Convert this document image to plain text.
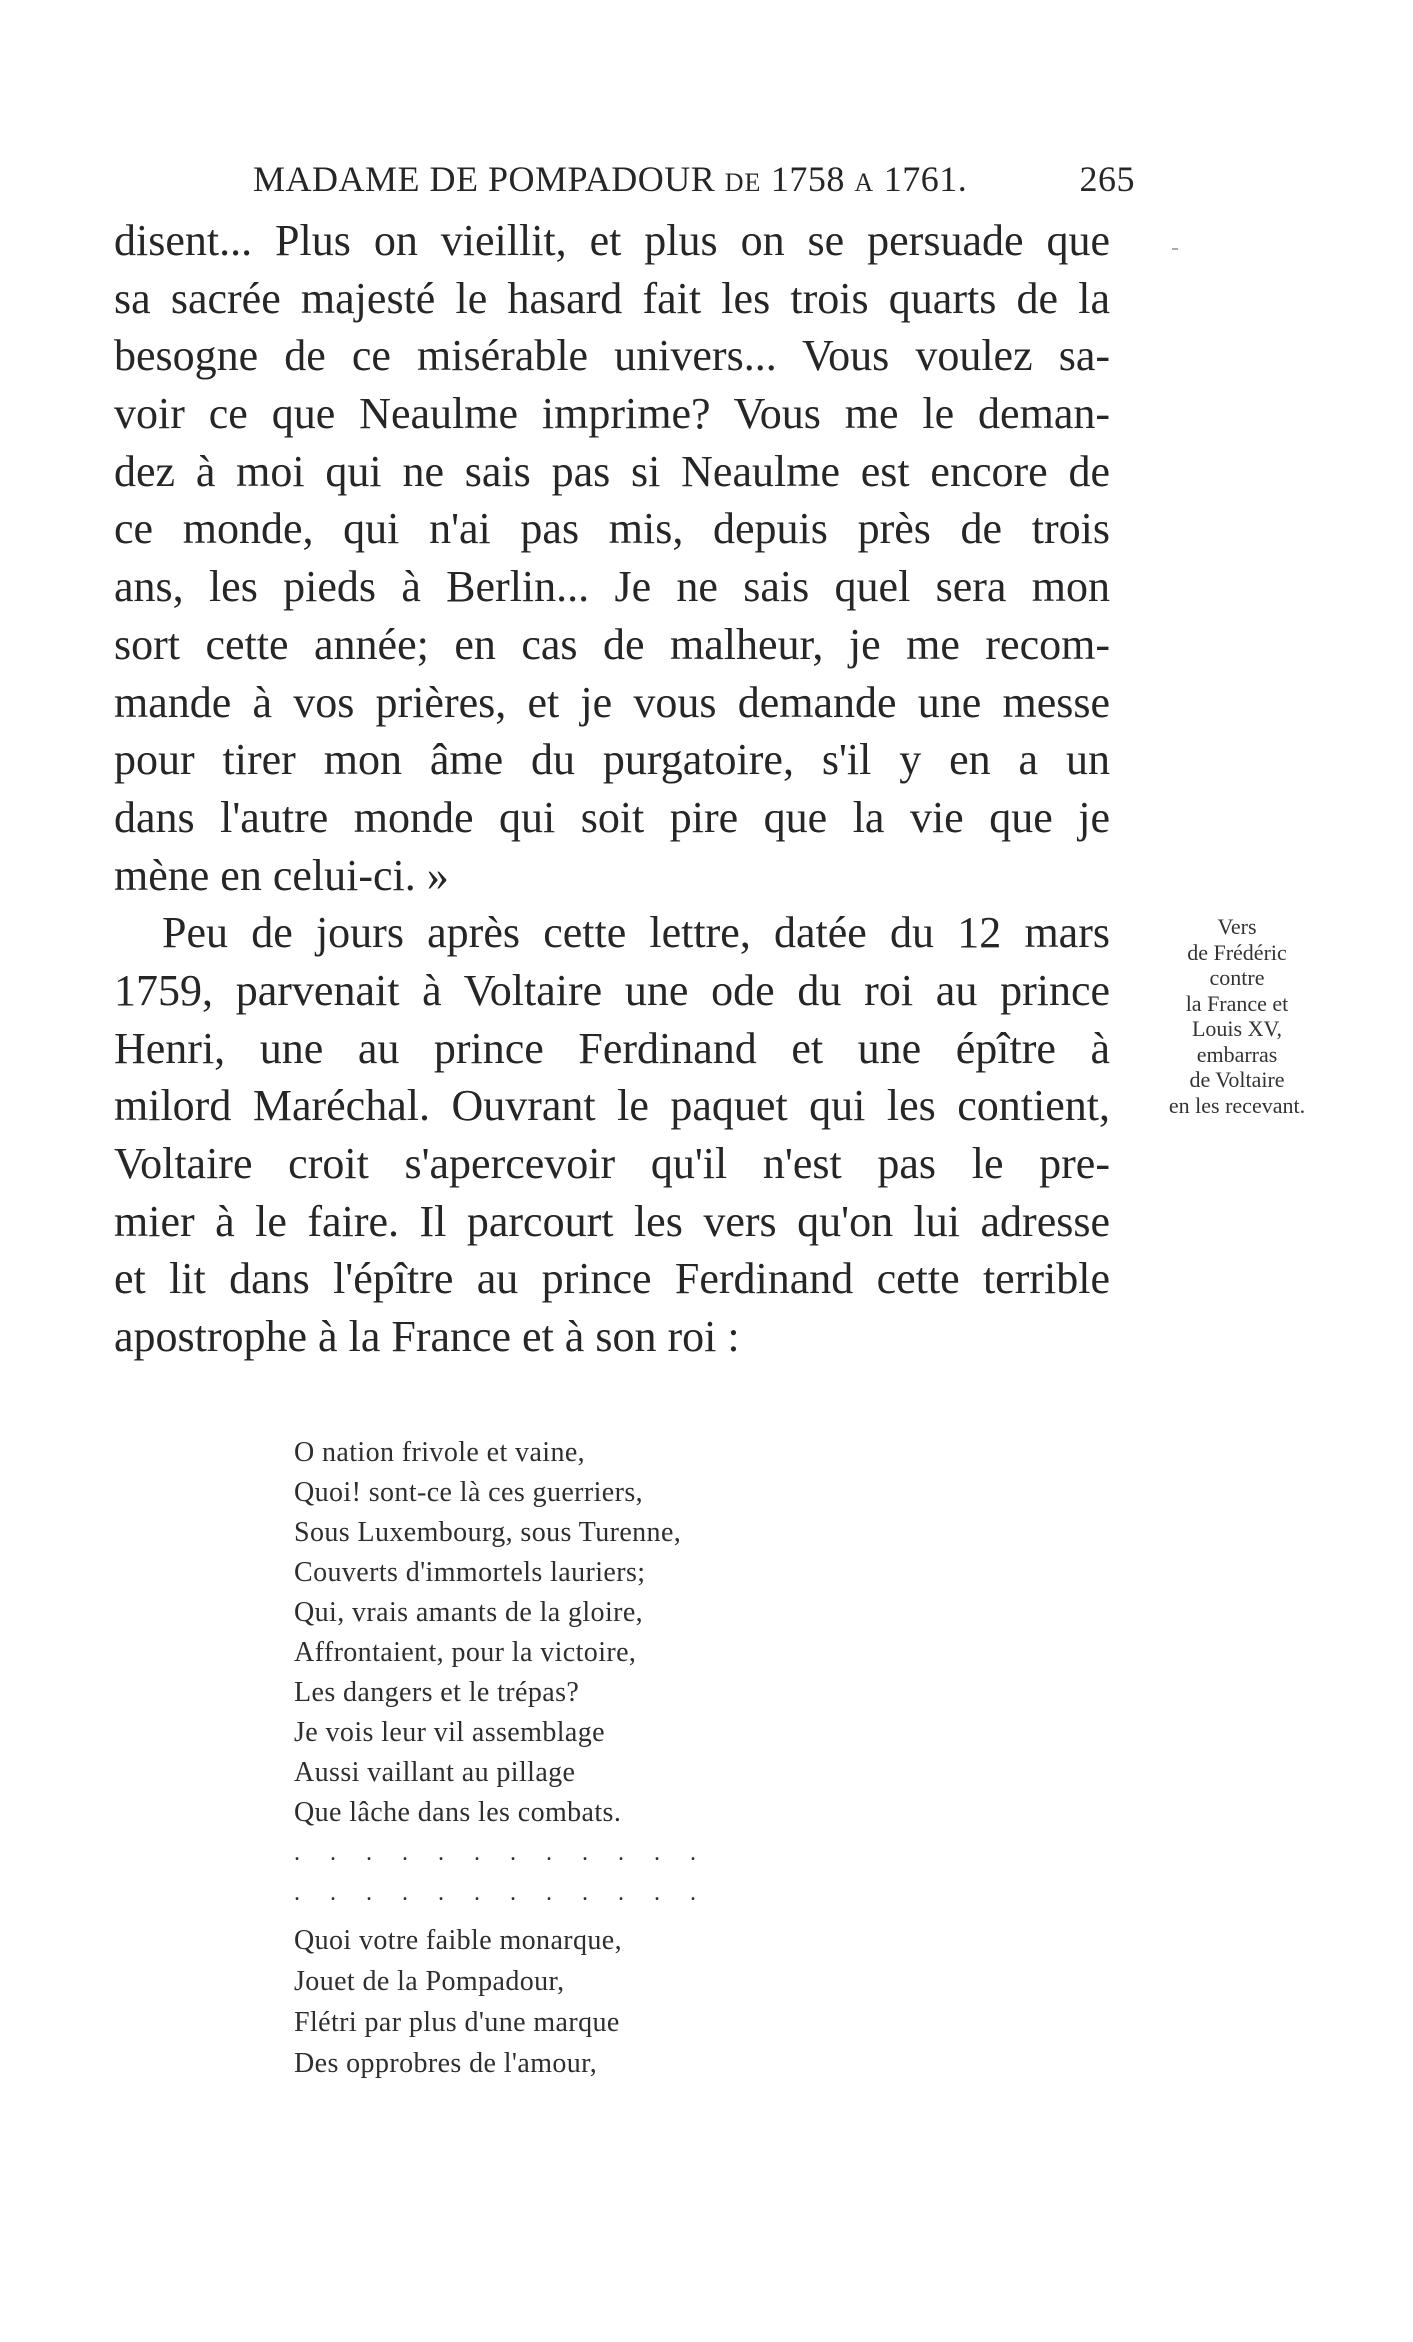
MADAME DE POMPADOUR DE 1758 A 1761.	265
disent... Plus on vieillit, et plus on se persuade que
sa sacrée majesté le hasard fait les trois quarts de la
besogne de ce misérable univers... Vous voulez sa-
voir ce que Neaulme imprime? Vous me le deman-
dez à moi qui ne sais pas si Neaulme est encore de
ce monde, qui n'ai pas mis, depuis près de trois
ans, les pieds à Berlin... Je ne sais quel sera mon
sort cette année; en cas de malheur, je me recom-
mande à vos prières, et je vous demande une messe
pour tirer mon âme du purgatoire, s'il y en a un
dans l'autre monde qui soit pire que la vie que je
mène en celui-ci. »
Peu de jours après cette lettre, datée du 12 mars
1759, parvenait à Voltaire une ode du roi au prince
Henri, une au prince Ferdinand et une épître à
milord Maréchal. Ouvrant le paquet qui les contient,
Voltaire croit s'apercevoir qu'il n'est pas le pre-
mier à le faire. Il parcourt les vers qu'on lui adresse
et lit dans l'épître au prince Ferdinand cette terrible
apostrophe à la France et à son roi :
Vers
de Frédéric
contre
la France et
Louis XV,
embarras
de Voltaire
en les recevant.
O nation frivole et vaine,
Quoi! sont-ce là ces guerriers,
Sous Luxembourg, sous Turenne,
Couverts d'immortels lauriers;
Qui, vrais amants de la gloire,
Affrontaient, pour la victoire,
Les dangers et le trépas?
Je vois leur vil assemblage
Aussi vaillant au pillage
Que lâche dans les combats.
. . . . . . . . . . . .
. . . . . . . . . . . .
Quoi votre faible monarque,
Jouet de la Pompadour,
Flétri par plus d'une marque
Des opprobres de l'amour,
